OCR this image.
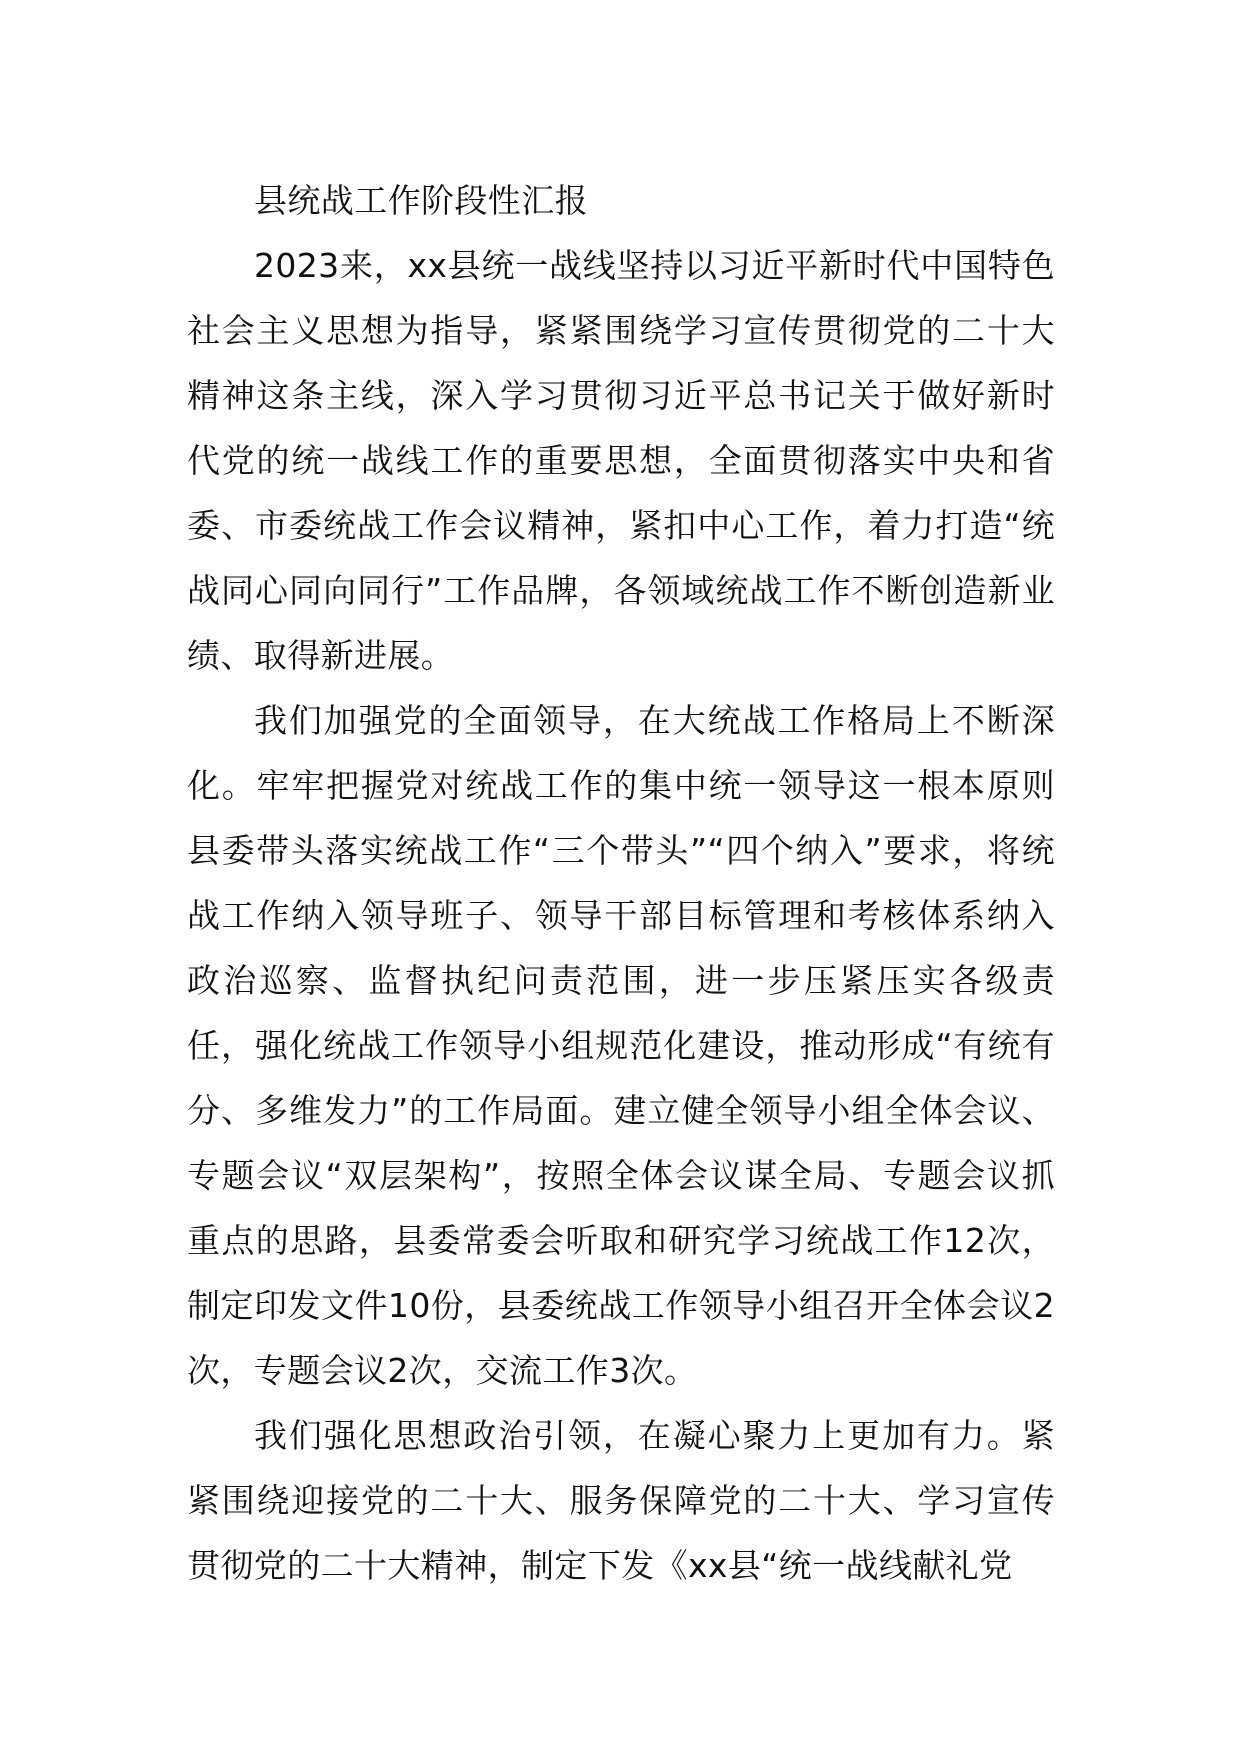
县统战工作阶段性汇报

2023来，xx县统一战线坚持以习近平新时代中国特色社会主义思想为指导，紧紧围绕学习宣传贯彻党的二十大精神这条主线，深入学习贯彻习近平总书记关于做好新时代党的统一战线工作的重要思想，全面贯彻落实中央和省委、市委统战工作会议精神，紧扣中心工作，着力打造“统战同心同向同行”工作品牌，各领域统战工作不断创造新业绩、取得新进展。

我们加强党的全面领导，在大统战工作格局上不断深化。牢牢把握党对统战工作的集中统一领导这一根本原则县委带头落实统战工作“三个带头”“四个纳入”要求，将统战工作纳入领导班子、领导干部目标管理和考核体系纳入政治巡察、监督执纪问责范围，进一步压紧压实各级责任，强化统战工作领导小组规范化建设，推动形成“有统有分、多维发力”的工作局面。建立健全领导小组全体会议、专题会议“双层架构”，按照全体会议谋全局、专题会议抓重点的思路，县委常委会听取和研究学习统战工作12次，制定印发文件10份，县委统战工作领导小组召开全体会议2次，专题会议2次，交流工作3次。

我们强化思想政治引领，在凝心聚力上更加有力。紧紧围绕迎接党的二十大、服务保障党的二十大、学习宣传贯彻党的二十大精神，制定下发《xx县“统一战线献礼党
